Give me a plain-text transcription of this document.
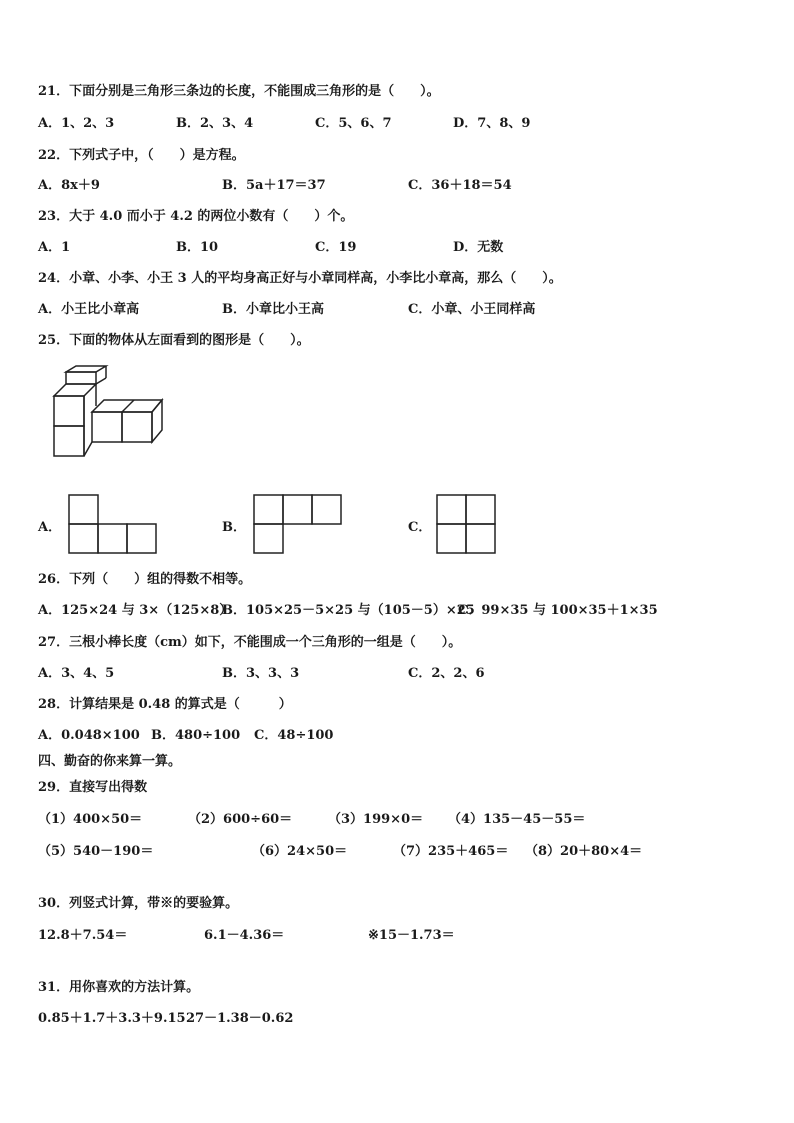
21．下面分别是三角形三条边的长度，不能围成三角形的是（　　）。
A．1、2、3	B．2、3、4	C．5、6、7	D．7、8、9
22．下列式子中，（　　）是方程。
A．8x＋9	B．5a＋17＝37	C．36＋18＝54
23．大于 4.0 而小于 4.2 的两位小数有（　　）个。
A．1	B．10	C．19	D．无数
24．小章、小李、小王 3 人的平均身高正好与小章同样高，小李比小章高，那么（　　）。
A．小王比小章高	B．小章比小王高	C．小章、小王同样高
25．下面的物体从左面看到的图形是（　　）。
A．	B．	C．
26．下列（　　）组的得数不相等。
A．125×24 与 3×（125×8）
B．105×25－5×25 与（105－5）×25
C．99×35 与 100×35＋1×35
27．三根小棒长度（cm）如下，不能围成一个三角形的一组是（　　）。
A．3、4、5	B．3、3、3	C．2、2、6
28．计算结果是 0.48 的算式是（　　　）
A．0.048×100 B．480÷100 C．48÷100
四、勤奋的你来算一算。
29．直接写出得数
（1）400×50＝	（2）600÷60＝	（3）199×0＝ （4）135－45－55＝
（5）540－190＝	（6）24×50＝	（7）235＋465＝ （8）20＋80×4＝
30．列竖式计算，带※的要验算。
12.8＋7.54＝	6.1－4.36＝	※15－1.73＝
31．用你喜欢的方法计算。
0.85＋1.7＋3.3＋9.15 27－1.38－0.62
